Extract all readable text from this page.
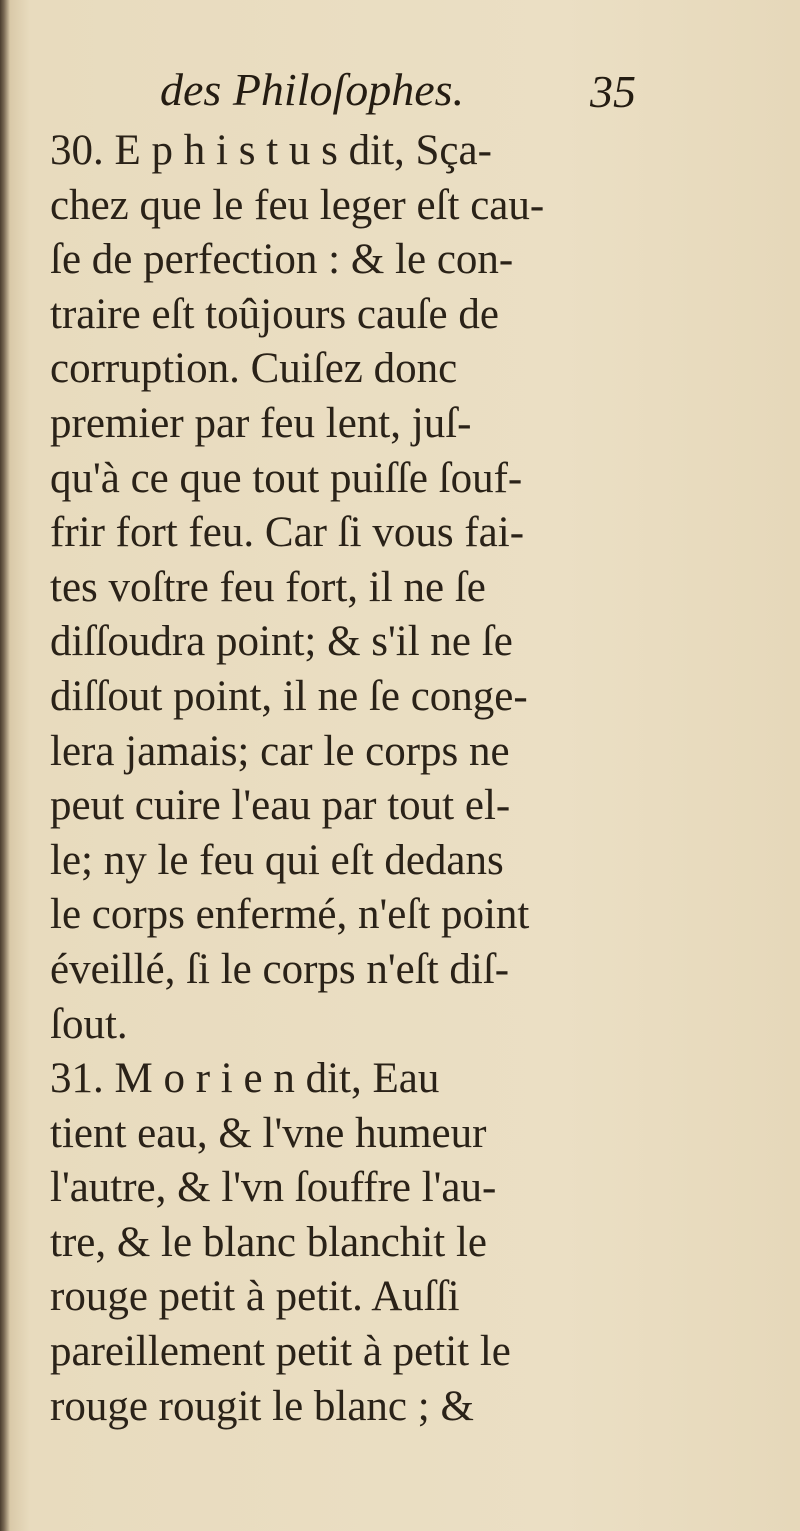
des Philoſophes.	35
30. E p h i s t u s dit, Sça-
chez que le feu leger eſt cau-
ſe de perfection : & le con-
traire eſt toûjours cauſe de
corruption. Cuiſez donc
premier par feu lent, juſ-
qu'à ce que tout puiſſe ſouf-
frir fort feu. Car ſi vous fai-
tes voſtre feu fort, il ne ſe
diſſoudra point; & s'il ne ſe
diſſout point, il ne ſe conge-
lera jamais; car le corps ne
peut cuire l'eau par tout el-
le; ny le feu qui eſt dedans
le corps enfermé, n'eſt point
éveillé, ſi le corps n'eſt diſ-
ſout.
31. M o r i e n dit, Eau
tient eau, & l'vne humeur
l'autre, & l'vn ſouffre l'au-
tre, & le blanc blanchit le
rouge petit à petit. Auſſi
pareillement petit à petit le
rouge rougit le blanc ; &
